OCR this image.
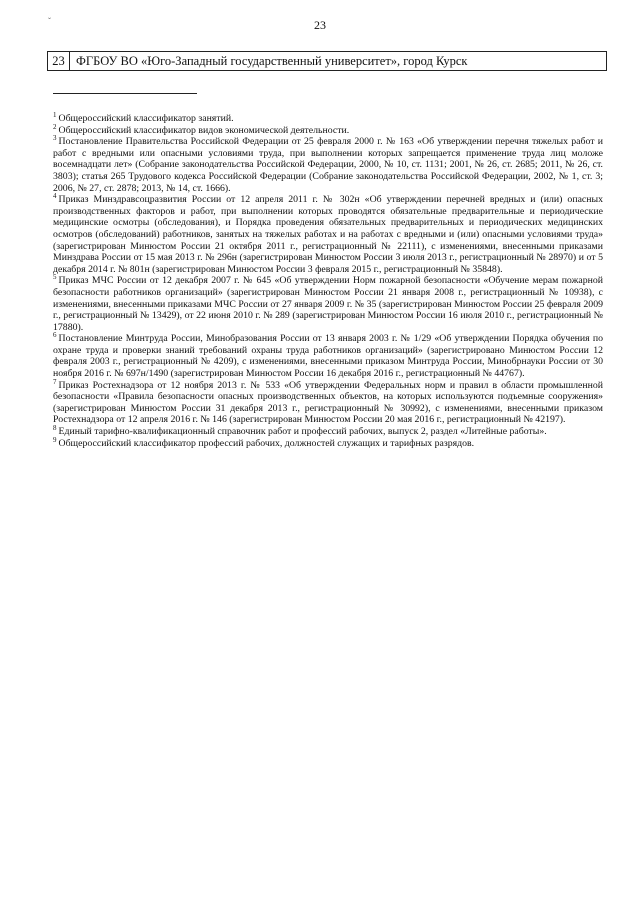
ˇ	23
23 ФГБОУ ВО «Юго-Западный государственный университет», город Курск

$^1$ Общероссийский классификатор занятий.

$^2$ Общероссийский классификатор видов экономической деятельности.

$^3$ Постановление Правительства Российской Федерации от 25 февраля 2000 г. № 163 «Об утверждении перечня тяжелых работ и работ с вредными или опасными условиями труда, при выполнении которых запрещается применение труда лиц моложе восемнадцати лет» (Собрание законодательства Российской Федерации, 2000, № 10, ст. 1131; 2001, № 26, ст. 2685; 2011, № 26, ст. 3803); статья 265 Трудового кодекса Российской Федерации (Собрание законодательства Российской Федерации, 2002, № 1, ст. 3; 2006, № 27, ст. 2878; 2013, № 14, ст. 1666).

$^4$ Приказ Минздравсоцразвития России от 12 апреля 2011 г. № 302н «Об утверждении перечней вредных и (или) опасных производственных факторов и работ, при выполнении которых проводятся обязательные предварительные и периодические медицинские осмотры (обследования), и Порядка проведения обязательных предварительных и периодических медицинских осмотров (обследований) работников, занятых на тяжелых работах и на работах с вредными и (или) опасными условиями труда» (зарегистрирован Минюстом России 21 октября 2011 г., регистрационный № 22111), с изменениями, внесенными приказами Минздрава России от 15 мая 2013 г. № 296н (зарегистрирован Минюстом России 3 июля 2013 г., регистрационный № 28970) и от 5 декабря 2014 г. № 801н (зарегистрирован Минюстом России 3 февраля 2015 г., регистрационный № 35848).

$^5$ Приказ МЧС России от 12 декабря 2007 г. № 645 «Об утверждении Норм пожарной безопасности «Обучение мерам пожарной безопасности работников организаций» (зарегистрирован Минюстом России 21 января 2008 г., регистрационный № 10938), с изменениями, внесенными приказами МЧС России от 27 января 2009 г. № 35 (зарегистрирован Минюстом России 25 февраля 2009 г., регистрационный № 13429), от 22 июня 2010 г. № 289 (зарегистрирован Минюстом России 16 июля 2010 г., регистрационный № 17880).

$^6$ Постановление Минтруда России, Минобразования России от 13 января 2003 г. № 1/29 «Об утверждении Порядка обучения по охране труда и проверки знаний требований охраны труда работников организаций» (зарегистрировано Минюстом России 12 февраля 2003 г., регистрационный № 4209), с изменениями, внесенными приказом Минтруда России, Минобрнауки России от 30 ноября 2016 г. № 697н/1490 (зарегистрирован Минюстом России 16 декабря 2016 г., регистрационный № 44767).

$^7$ Приказ Ростехнадзора от 12 ноября 2013 г. № 533 «Об утверждении Федеральных норм и правил в области промышленной безопасности «Правила безопасности опасных производственных объектов, на которых используются подъемные сооружения» (зарегистрирован Минюстом России 31 декабря 2013 г., регистрационный № 30992), с изменениями, внесенными приказом Ростехнадзора от 12 апреля 2016 г. № 146 (зарегистрирован Минюстом России 20 мая 2016 г., регистрационный № 42197).

$^8$ Единый тарифно-квалификационный справочник работ и профессий рабочих, выпуск 2, раздел «Литейные работы».

$^9$ Общероссийский классификатор профессий рабочих, должностей служащих и тарифных разрядов.
